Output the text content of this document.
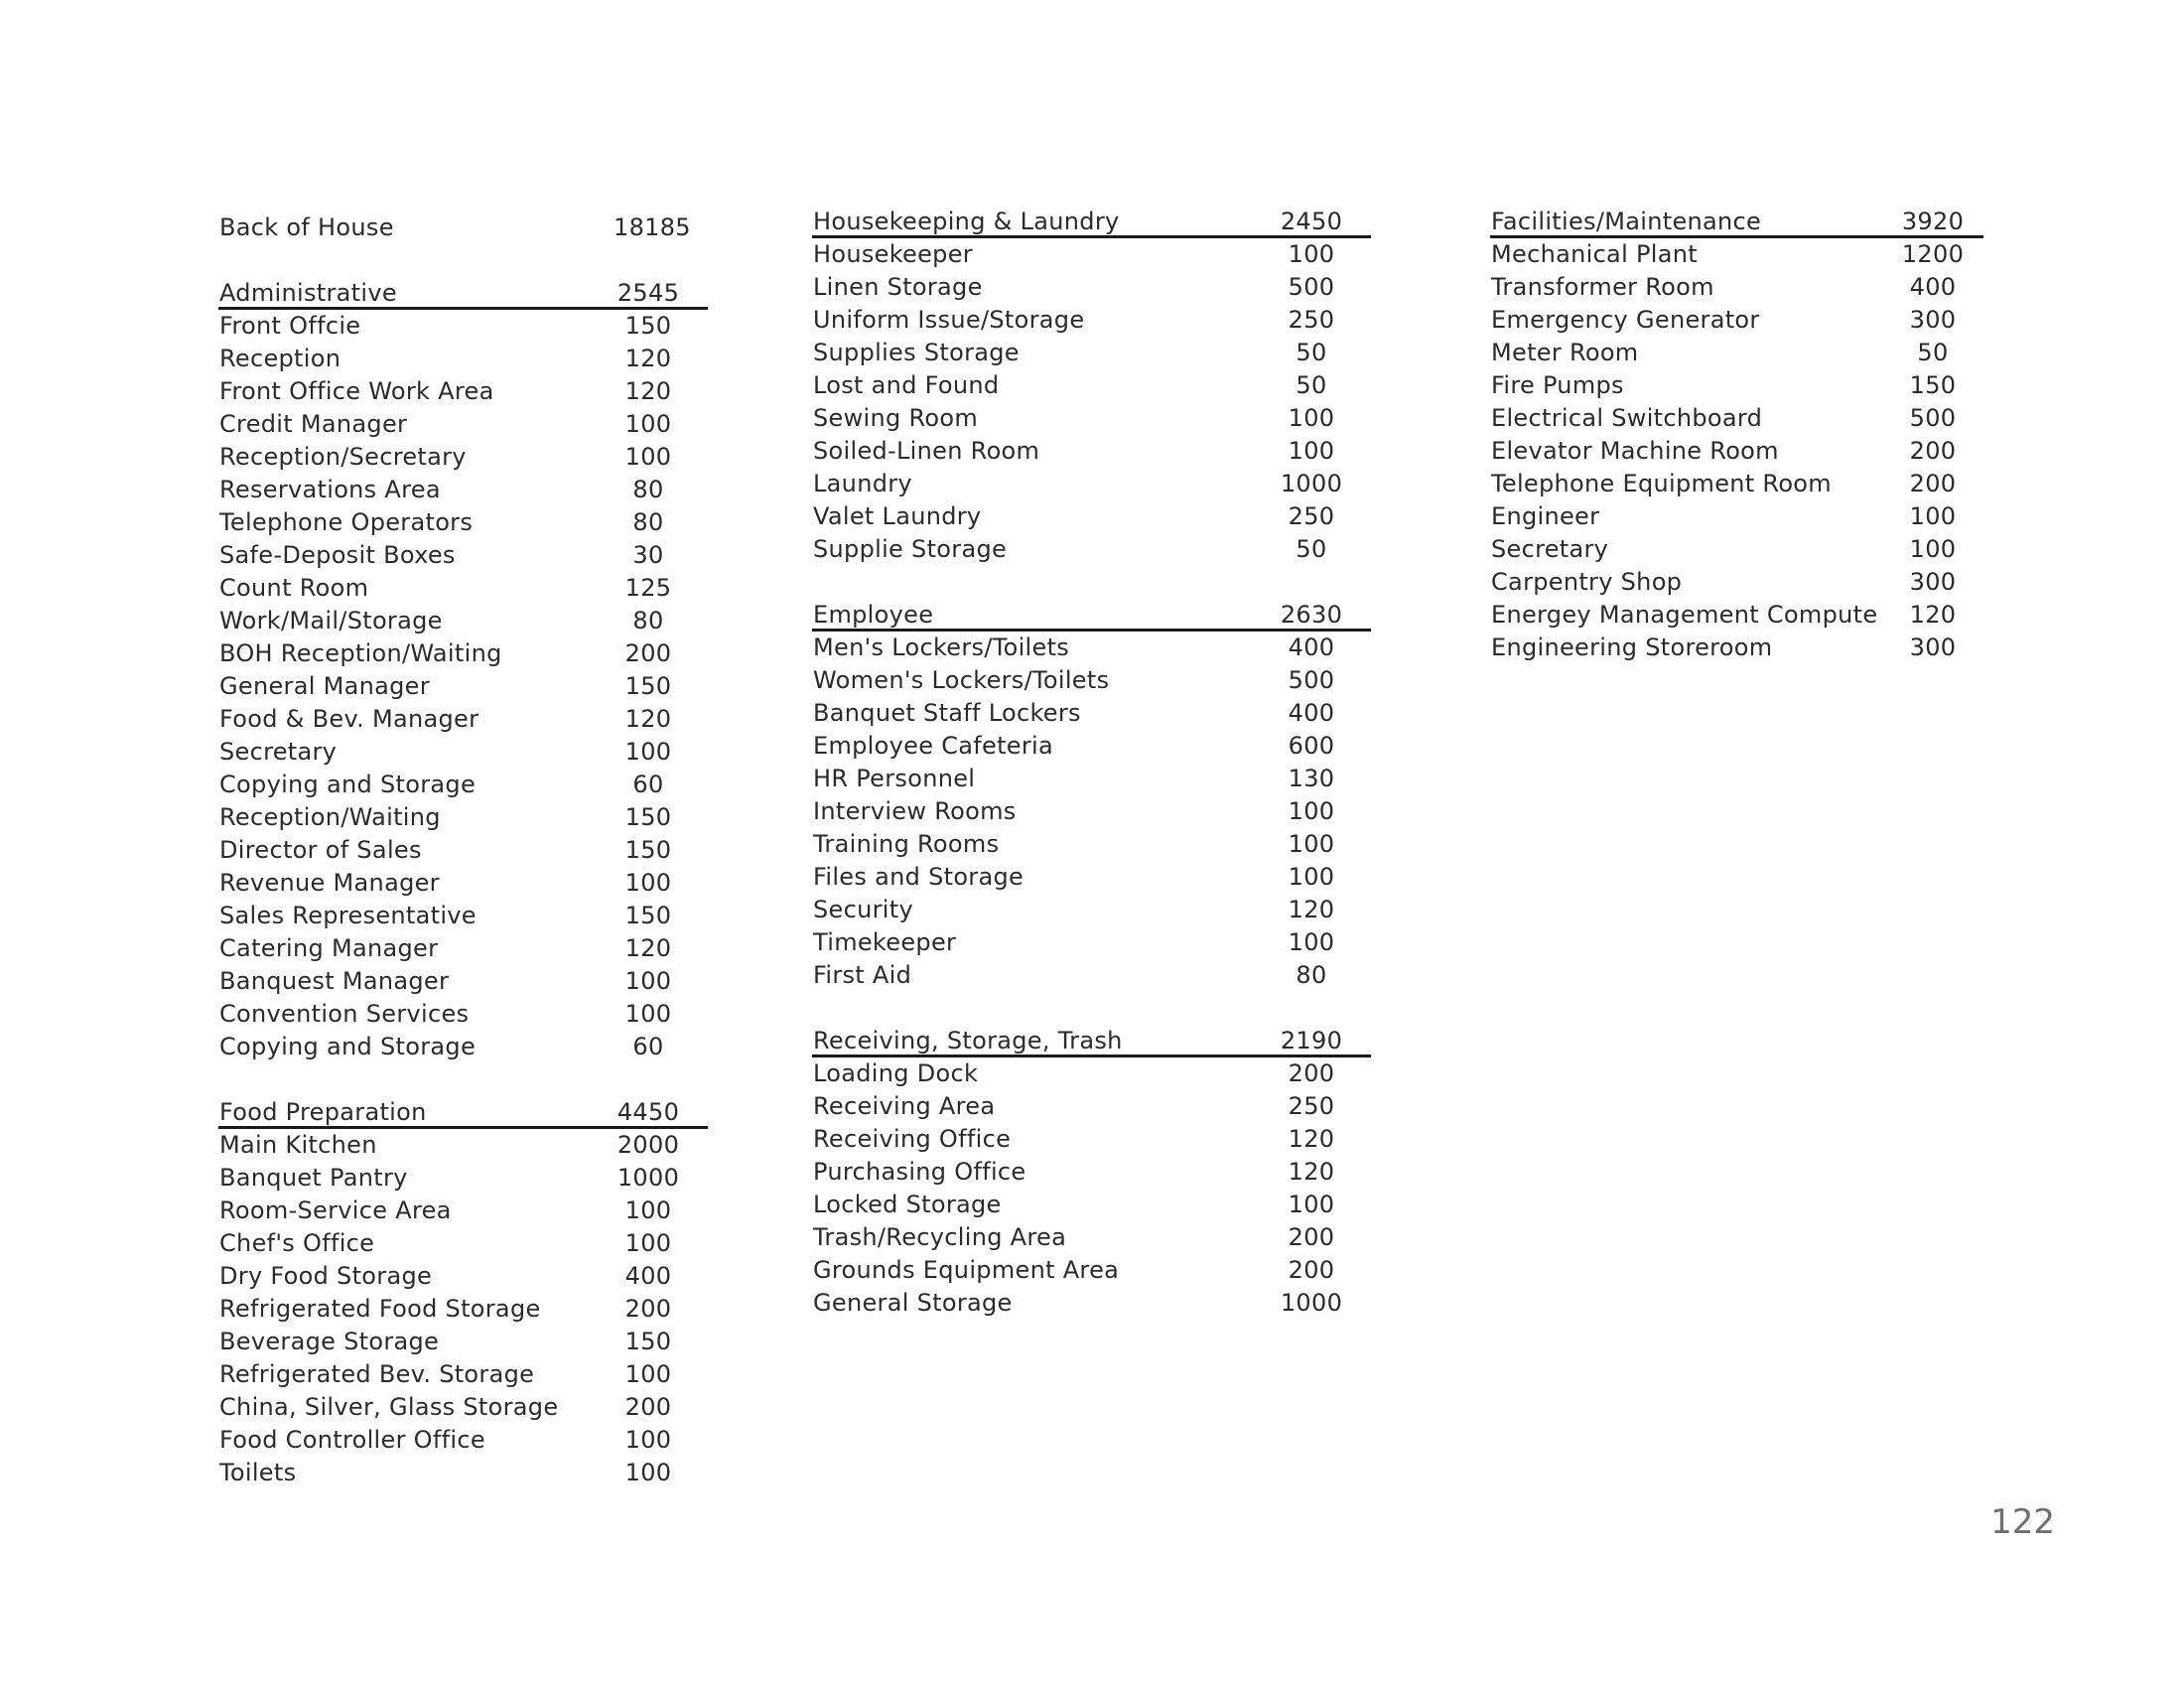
Back of House	18185
Administrative	2545
Front Offcie	150
Reception	120
Front Office Work Area	120
Credit Manager	100
Reception/Secretary	100
Reservations Area	80
Telephone Operators	80
Safe-Deposit Boxes	30
Count Room	125
Work/Mail/Storage	80
BOH Reception/Waiting	200
General Manager	150
Food & Bev. Manager	120
Secretary	100
Copying and Storage	60
Reception/Waiting	150
Director of Sales	150
Revenue Manager	100
Sales Representative	150
Catering Manager	120
Banquest Manager	100
Convention Services	100
Copying and Storage	60
Food Preparation	4450
Main Kitchen	2000
Banquet Pantry	1000
Room-Service Area	100
Chef's Office	100
Dry Food Storage	400
Refrigerated Food Storage	200
Beverage Storage	150
Refrigerated Bev. Storage	100
China, Silver, Glass Storage	200
Food Controller Office	100
Toilets	100
Housekeeping & Laundry	2450
Housekeeper	100
Linen Storage	500
Uniform Issue/Storage	250
Supplies Storage	50
Lost and Found	50
Sewing Room	100
Soiled-Linen Room	100
Laundry	1000
Valet Laundry	250
Supplie Storage	50
Employee	2630
Men's Lockers/Toilets	400
Women's Lockers/Toilets	500
Banquet Staff Lockers	400
Employee Cafeteria	600
HR Personnel	130
Interview Rooms	100
Training Rooms	100
Files and Storage	100
Security	120
Timekeeper	100
First Aid	80
Receiving, Storage, Trash	2190
Loading Dock	200
Receiving Area	250
Receiving Office	120
Purchasing Office	120
Locked Storage	100
Trash/Recycling Area	200
Grounds Equipment Area	200
General Storage	1000
Facilities/Maintenance	3920
Mechanical Plant	1200
Transformer Room	400
Emergency Generator	300
Meter Room	50
Fire Pumps	150
Electrical Switchboard	500
Elevator Machine Room	200
Telephone Equipment Room	200
Engineer	100
Secretary	100
Carpentry Shop	300
Energey Management Compute	120
Engineering Storeroom	300
122
